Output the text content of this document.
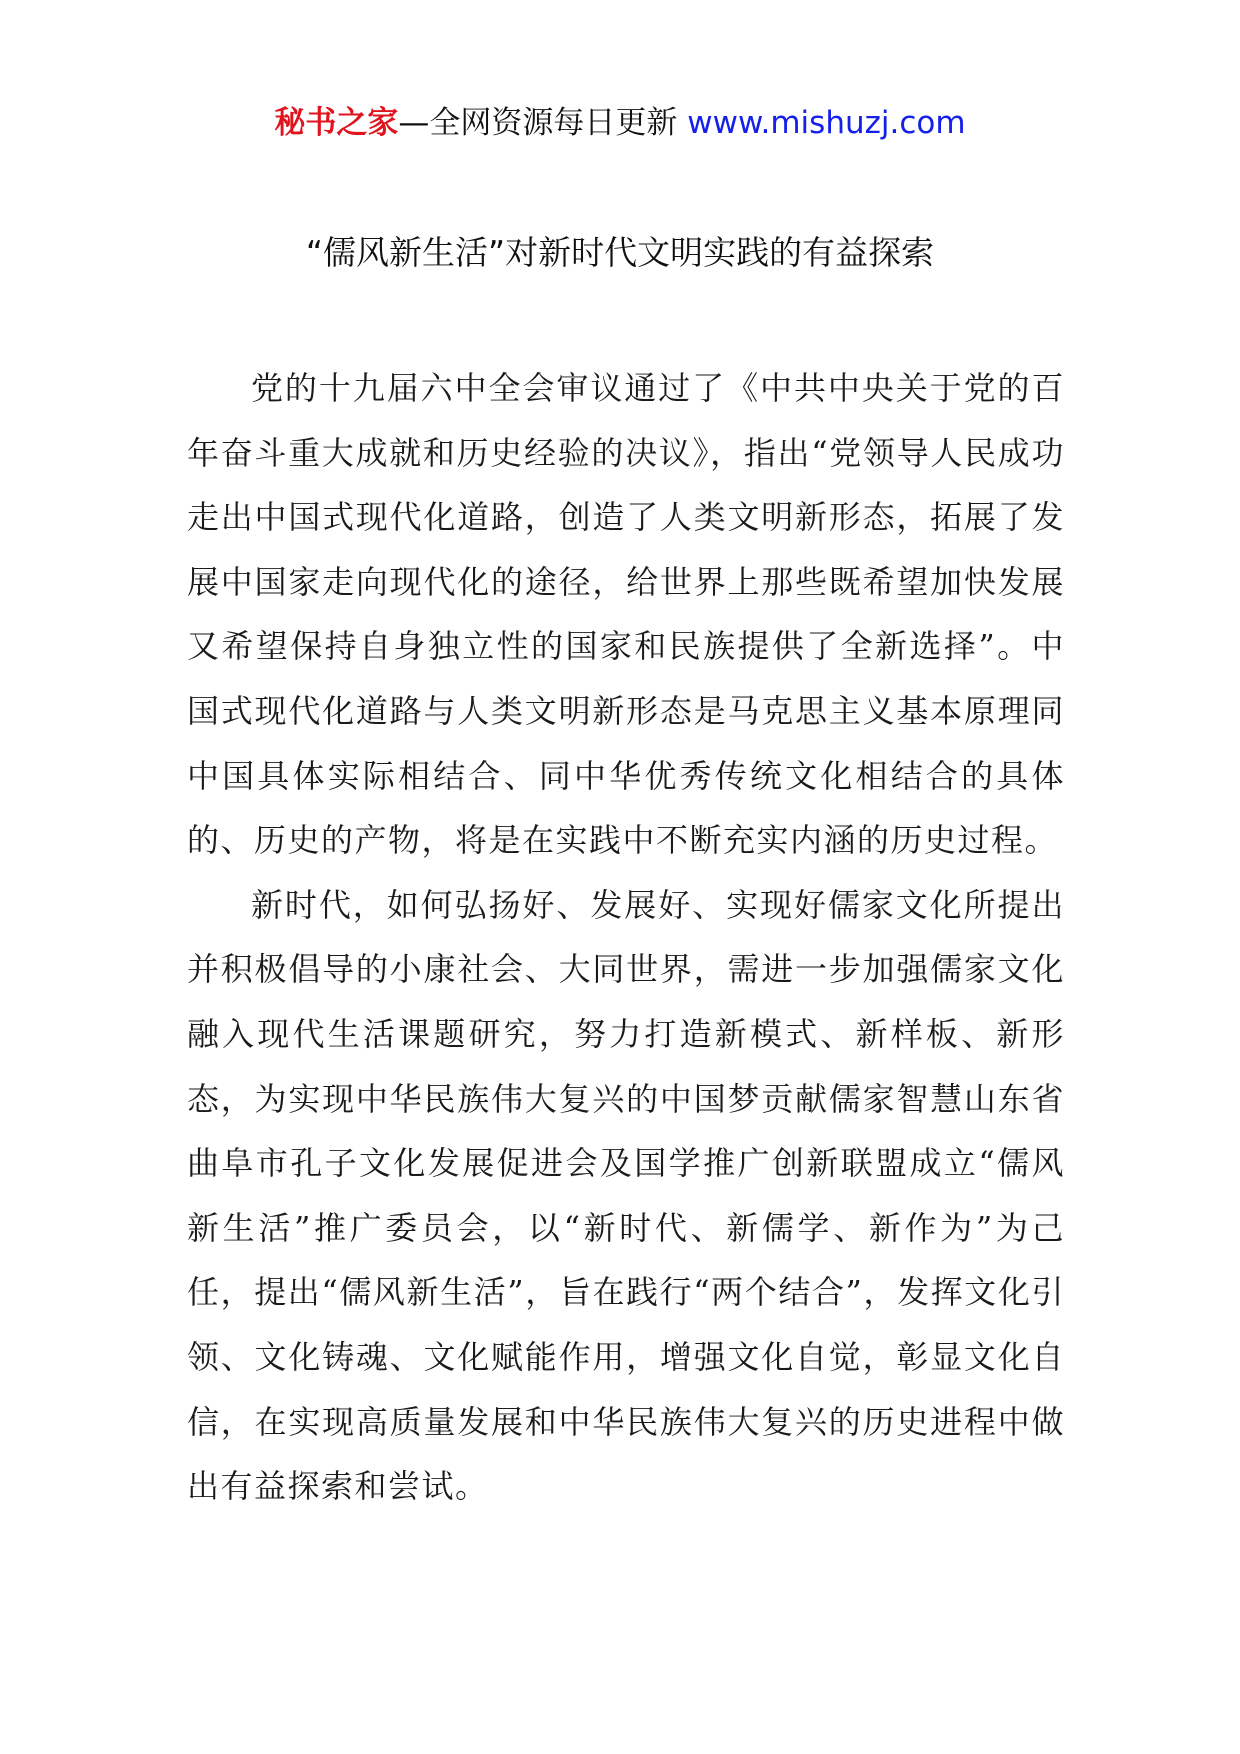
秘书之家—全网资源每日更新 www.mishuzj.com
“儒风新生活”对新时代文明实践的有益探索

党的十九届六中全会审议通过了《中共中央关于党的百年奋斗重大成就和历史经验的决议》，指出“党领导人民成功走出中国式现代化道路，创造了人类文明新形态，拓展了发展中国家走向现代化的途径，给世界上那些既希望加快发展又希望保持自身独立性的国家和民族提供了全新选择”。中国式现代化道路与人类文明新形态是马克思主义基本原理同中国具体实际相结合、同中华优秀传统文化相结合的具体的、历史的产物，将是在实践中不断充实内涵的历史过程。

新时代，如何弘扬好、发展好、实现好儒家文化所提出并积极倡导的小康社会、大同世界，需进一步加强儒家文化融入现代生活课题研究，努力打造新模式、新样板、新形态，为实现中华民族伟大复兴的中国梦贡献儒家智慧山东省曲阜市孔子文化发展促进会及国学推广创新联盟成立“儒风新生活”推广委员会，以“新时代、新儒学、新作为”为己任，提出“儒风新生活”，旨在践行“两个结合”，发挥文化引领、文化铸魂、文化赋能作用，增强文化自觉，彰显文化自信，在实现高质量发展和中华民族伟大复兴的历史进程中做出有益探索和尝试。
